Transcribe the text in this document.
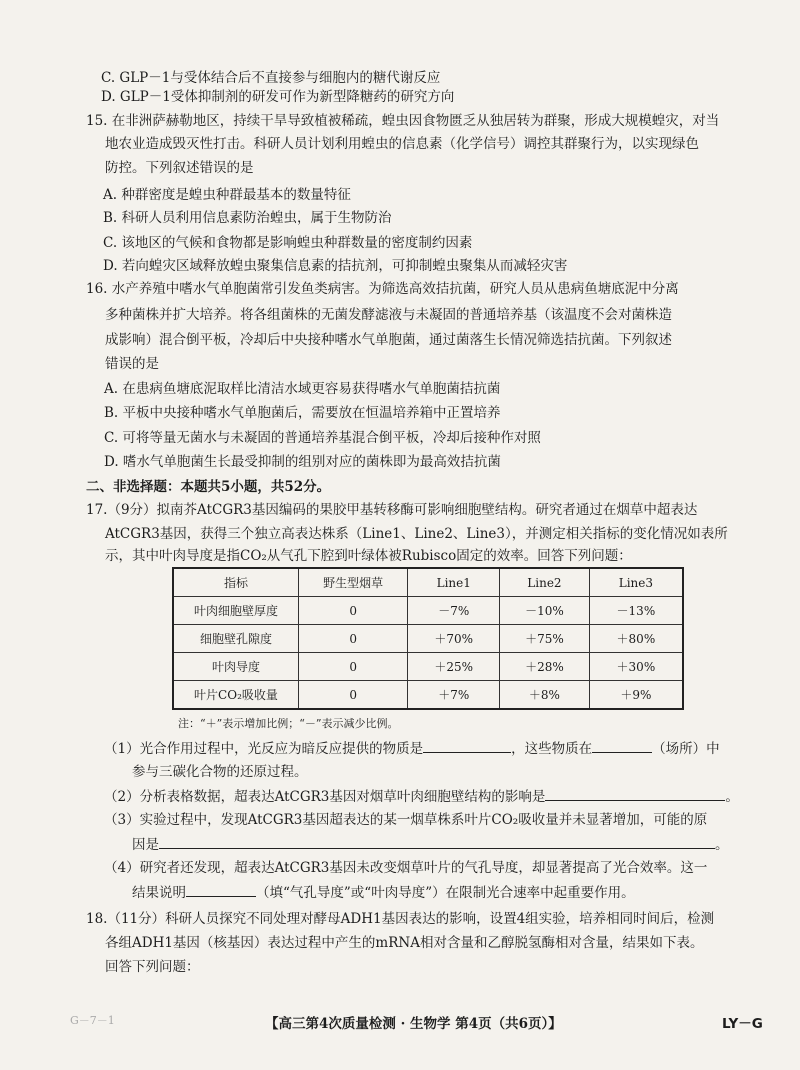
C. GLP－1与受体结合后不直接参与细胞内的糖代谢反应
D. GLP－1受体抑制剂的研发可作为新型降糖药的研究方向
15. 在非洲萨赫勒地区，持续干旱导致植被稀疏，蝗虫因食物匮乏从独居转为群聚，形成大规模蝗灾，对当
地农业造成毁灭性打击。科研人员计划利用蝗虫的信息素（化学信号）调控其群聚行为，以实现绿色
防控。下列叙述错误的是
A. 种群密度是蝗虫种群最基本的数量特征
B. 科研人员利用信息素防治蝗虫，属于生物防治
C. 该地区的气候和食物都是影响蝗虫种群数量的密度制约因素
D. 若向蝗灾区域释放蝗虫聚集信息素的拮抗剂，可抑制蝗虫聚集从而减轻灾害
16. 水产养殖中嗜水气单胞菌常引发鱼类病害。为筛选高效拮抗菌，研究人员从患病鱼塘底泥中分离
多种菌株并扩大培养。将各组菌株的无菌发酵滤液与未凝固的普通培养基（该温度不会对菌株造
成影响）混合倒平板，冷却后中央接种嗜水气单胞菌，通过菌落生长情况筛选拮抗菌。下列叙述
错误的是
A. 在患病鱼塘底泥取样比清洁水域更容易获得嗜水气单胞菌拮抗菌
B. 平板中央接种嗜水气单胞菌后，需要放在恒温培养箱中正置培养
C. 可将等量无菌水与未凝固的普通培养基混合倒平板，冷却后接种作对照
D. 嗜水气单胞菌生长最受抑制的组别对应的菌株即为最高效拮抗菌
二、非选择题：本题共5小题，共52分。
17.（9分）拟南芥AtCGR3基因编码的果胶甲基转移酶可影响细胞壁结构。研究者通过在烟草中超表达
AtCGR3基因，获得三个独立高表达株系（Line1、Line2、Line3），并测定相关指标的变化情况如表所
示，其中叶肉导度是指CO₂从气孔下腔到叶绿体被Rubisco固定的效率。回答下列问题：
指标	野生型烟草	Line1	Line2	Line3
叶肉细胞壁厚度	0	－7%	－10%	－13%
细胞壁孔隙度	0	＋70%	＋75%	＋80%
叶肉导度	0	＋25%	＋28%	＋30%
叶片CO₂吸收量	0	＋7%	＋8%	＋9%
注：“＋”表示增加比例；“－”表示减少比例。
（1）光合作用过程中，光反应为暗反应提供的物质是	，这些物质在	（场所）中
参与三碳化合物的还原过程。
（2）分析表格数据，超表达AtCGR3基因对烟草叶肉细胞壁结构的影响是	。
（3）实验过程中，发现AtCGR3基因超表达的某一烟草株系叶片CO₂吸收量并未显著增加，可能的原
因是	。
（4）研究者还发现，超表达AtCGR3基因未改变烟草叶片的气孔导度，却显著提高了光合效率。这一
结果说明	（填“气孔导度”或“叶肉导度”）在限制光合速率中起重要作用。
18.（11分）科研人员探究不同处理对酵母ADH1基因表达的影响，设置4组实验，培养相同时间后，检测
各组ADH1基因（核基因）表达过程中产生的mRNA相对含量和乙醇脱氢酶相对含量，结果如下表。
回答下列问题：
G－7－1	【高三第4次质量检测 · 生物学 第4页（共6页）】	LY－G
